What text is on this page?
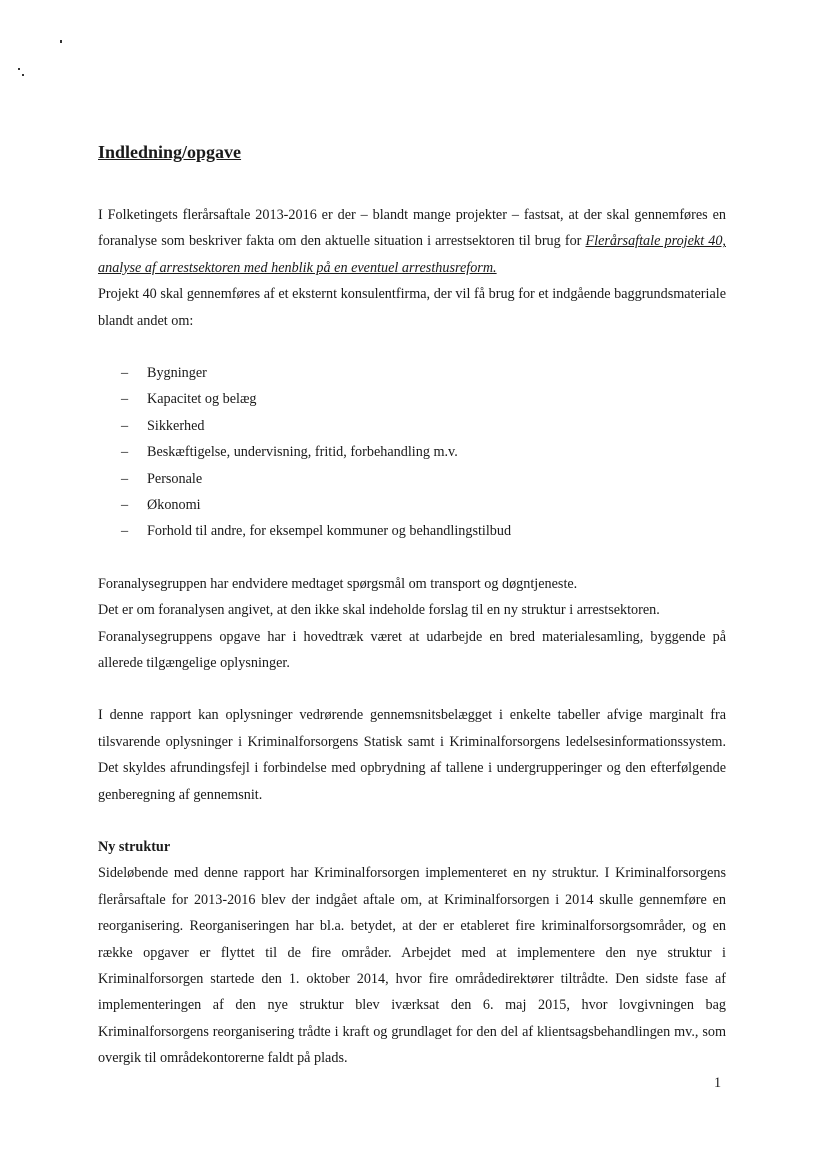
Indledning/opgave

I Folketingets flerårsaftale 2013-2016 er der – blandt mange projekter – fastsat, at der skal gennemføres en foranalyse som beskriver fakta om den aktuelle situation i arrestsektoren til brug for Flerårsaftale projekt 40, analyse af arrestsektoren med henblik på en eventuel arresthusreform.
Projekt 40 skal gennemføres af et eksternt konsulentfirma, der vil få brug for et indgående baggrundsmateriale blandt andet om:

– Bygninger
– Kapacitet og belæg
– Sikkerhed
– Beskæftigelse, undervisning, fritid, forbehandling m.v.
– Personale
– Økonomi
– Forhold til andre, for eksempel kommuner og behandlingstilbud

Foranalysegruppen har endvidere medtaget spørgsmål om transport og døgntjeneste.
Det er om foranalysen angivet, at den ikke skal indeholde forslag til en ny struktur i arrestsektoren.
Foranalysegruppens opgave har i hovedtræk været at udarbejde en bred materialesamling, byggende på allerede tilgængelige oplysninger.

I denne rapport kan oplysninger vedrørende gennemsnitsbelægget i enkelte tabeller afvige marginalt fra tilsvarende oplysninger i Kriminalforsorgens Statisk samt i Kriminalforsorgens ledelsesinformationssystem. Det skyldes afrundingsfejl i forbindelse med opbrydning af tallene i undergrupperinger og den efterfølgende genberegning af gennemsnit.

Ny struktur

Sideløbende med denne rapport har Kriminalforsorgen implementeret en ny struktur. I Kriminalforsorgens flerårsaftale for 2013-2016 blev der indgået aftale om, at Kriminalforsorgen i 2014 skulle gennemføre en reorganisering. Reorganiseringen har bl.a. betydet, at der er etableret fire kriminalforsorgsområder, og en række opgaver er flyttet til de fire områder. Arbejdet med at implementere den nye struktur i Kriminalforsorgen startede den 1. oktober 2014, hvor fire områdedirektører tiltrådte. Den sidste fase af implementeringen af den nye struktur blev iværksat den 6. maj 2015, hvor lovgivningen bag Kriminalforsorgens reorganisering trådte i kraft og grundlaget for den del af klientsagsbehandlingen mv., som overgik til områdekontorerne faldt på plads.

1
